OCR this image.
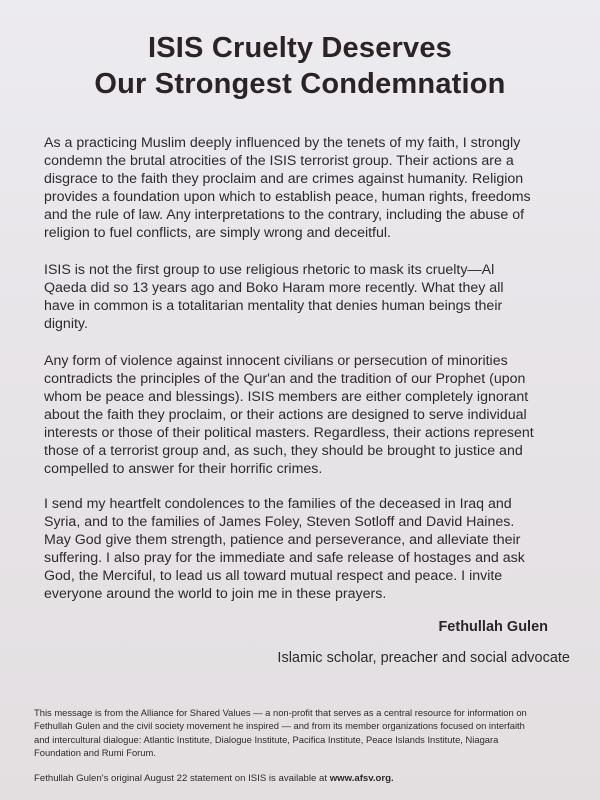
ISIS Cruelty Deserves
Our Strongest Condemnation

As a practicing Muslim deeply influenced by the tenets of my faith, I strongly
condemn the brutal atrocities of the ISIS terrorist group. Their actions are a
disgrace to the faith they proclaim and are crimes against humanity. Religion
provides a foundation upon which to establish peace, human rights, freedoms
and the rule of law. Any interpretations to the contrary, including the abuse of
religion to fuel conflicts, are simply wrong and deceitful.

ISIS is not the first group to use religious rhetoric to mask its cruelty—Al
Qaeda did so 13 years ago and Boko Haram more recently. What they all
have in common is a totalitarian mentality that denies human beings their
dignity.

Any form of violence against innocent civilians or persecution of minorities
contradicts the principles of the Qur'an and the tradition of our Prophet (upon
whom be peace and blessings). ISIS members are either completely ignorant
about the faith they proclaim, or their actions are designed to serve individual
interests or those of their political masters. Regardless, their actions represent
those of a terrorist group and, as such, they should be brought to justice and
compelled to answer for their horrific crimes.

I send my heartfelt condolences to the families of the deceased in Iraq and
Syria, and to the families of James Foley, Steven Sotloff and David Haines.
May God give them strength, patience and perseverance, and alleviate their
suffering. I also pray for the immediate and safe release of hostages and ask
God, the Merciful, to lead us all toward mutual respect and peace. I invite
everyone around the world to join me in these prayers.

Fethullah Gulen
Islamic scholar, preacher and social advocate
This message is from the Alliance for Shared Values — a non-profit that serves as a central resource for information on
Fethullah Gulen and the civil society movement he inspired — and from its member organizations focused on interfaith
and intercultural dialogue: Atlantic Institute, Dialogue Institute, Pacifica Institute, Peace Islands Institute, Niagara
Foundation and Rumi Forum.
Fethullah Gulen's original August 22 statement on ISIS is available at www.afsv.org.
